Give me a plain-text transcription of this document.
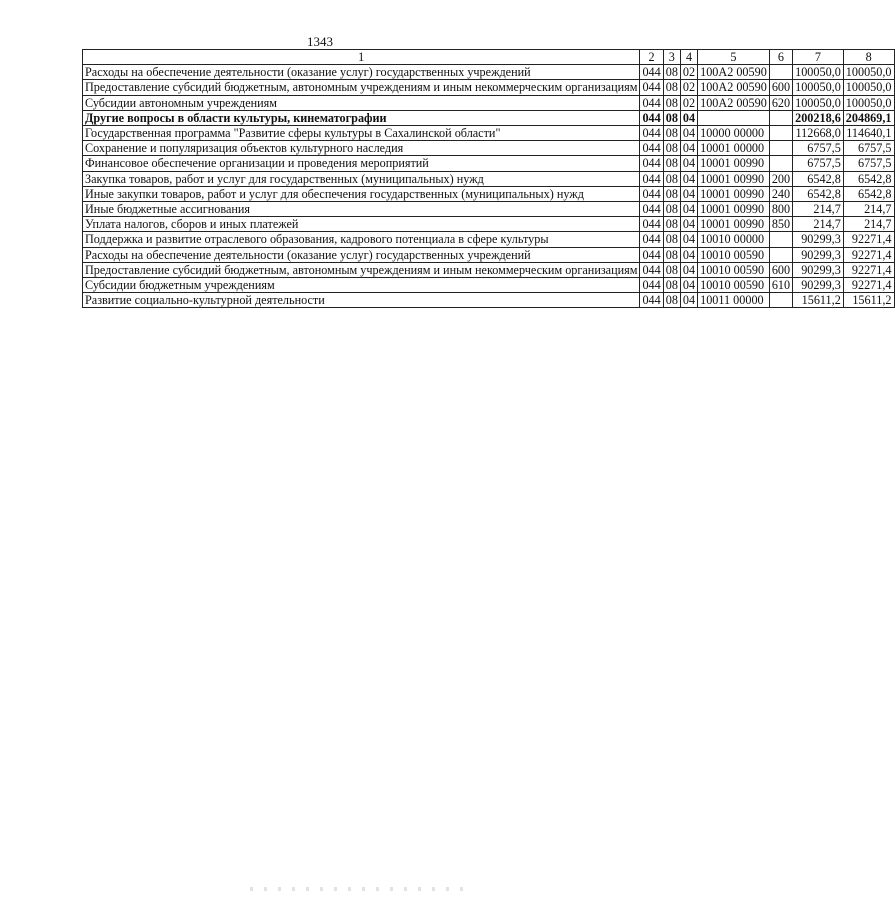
1343
1	2	3	4	5	6	7	8
Расходы на обеспечение деятельности (оказание услуг) государственных учреждений	044	08	02	100А2 00590		100050,0	100050,0
Предоставление субсидий бюджетным, автономным учреждениям и иным некоммерческим организациям	044	08	02	100А2 00590	600	100050,0	100050,0
Субсидии автономным учреждениям	044	08	02	100А2 00590	620	100050,0	100050,0
Другие вопросы в области культуры, кинематографии	044	08	04			200218,6	204869,1
Государственная программа "Развитие сферы культуры в Сахалинской области"	044	08	04	10000 00000		112668,0	114640,1
Сохранение и популяризация объектов культурного наследия	044	08	04	10001 00000		6757,5	6757,5
Финансовое обеспечение организации и проведения мероприятий	044	08	04	10001 00990		6757,5	6757,5
Закупка товаров, работ и услуг для государственных (муниципальных) нужд	044	08	04	10001 00990	200	6542,8	6542,8
Иные закупки товаров, работ и услуг для обеспечения государственных (муниципальных) нужд	044	08	04	10001 00990	240	6542,8	6542,8
Иные бюджетные ассигнования	044	08	04	10001 00990	800	214,7	214,7
Уплата налогов, сборов и иных платежей	044	08	04	10001 00990	850	214,7	214,7
Поддержка и развитие отраслевого образования, кадрового потенциала в сфере культуры	044	08	04	10010 00000		90299,3	92271,4
Расходы на обеспечение деятельности (оказание услуг) государственных учреждений	044	08	04	10010 00590		90299,3	92271,4
Предоставление субсидий бюджетным, автономным учреждениям и иным некоммерческим организациям	044	08	04	10010 00590	600	90299,3	92271,4
Субсидии бюджетным учреждениям	044	08	04	10010 00590	610	90299,3	92271,4
Развитие социально-культурной деятельности	044	08	04	10011 00000		15611,2	15611,2
